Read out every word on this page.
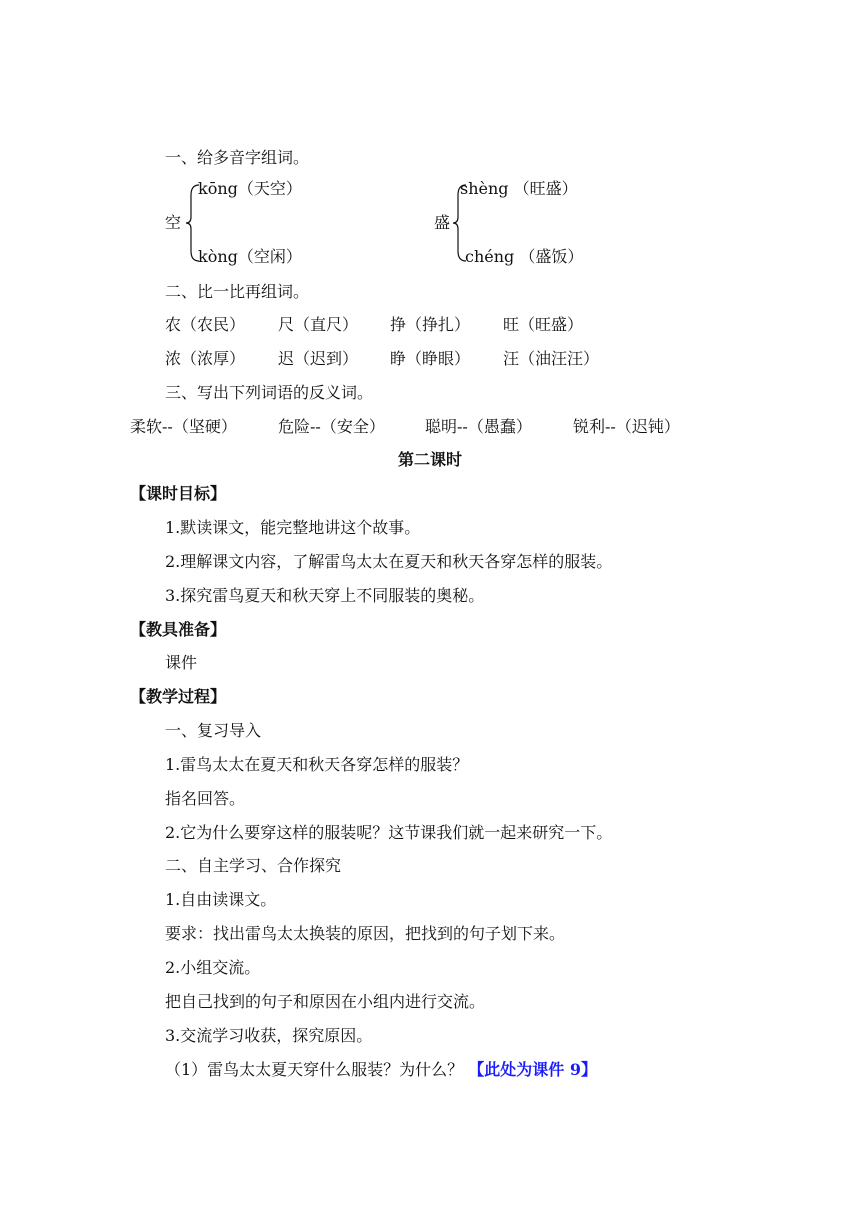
一、给多音字组词。
kōng（天空）
空
kòng（空闲）
shèng （旺盛）
盛
chéng （盛饭）
二、比一比再组词。
农（农民） 尺（直尺） 挣（挣扎） 旺（旺盛）
浓（浓厚） 迟（迟到） 睁（睁眼） 汪（油汪汪）
三、写出下列词语的反义词。
柔软--（坚硬）	危险--（安全）	聪明--（愚蠢）	锐利--（迟钝）
第二课时
【课时目标】
1.默读课文，能完整地讲这个故事。
2.理解课文内容，了解雷鸟太太在夏天和秋天各穿怎样的服装。
3.探究雷鸟夏天和秋天穿上不同服装的奥秘。
【教具准备】
课件
【教学过程】
一、复习导入
1.雷鸟太太在夏天和秋天各穿怎样的服装？
指名回答。
2.它为什么要穿这样的服装呢？这节课我们就一起来研究一下。
二、自主学习、合作探究
1.自由读课文。
要求：找出雷鸟太太换装的原因，把找到的句子划下来。
2.小组交流。
把自己找到的句子和原因在小组内进行交流。
3.交流学习收获，探究原因。
（1）雷鸟太太夏天穿什么服装？为什么？ 【此处为课件 9】
